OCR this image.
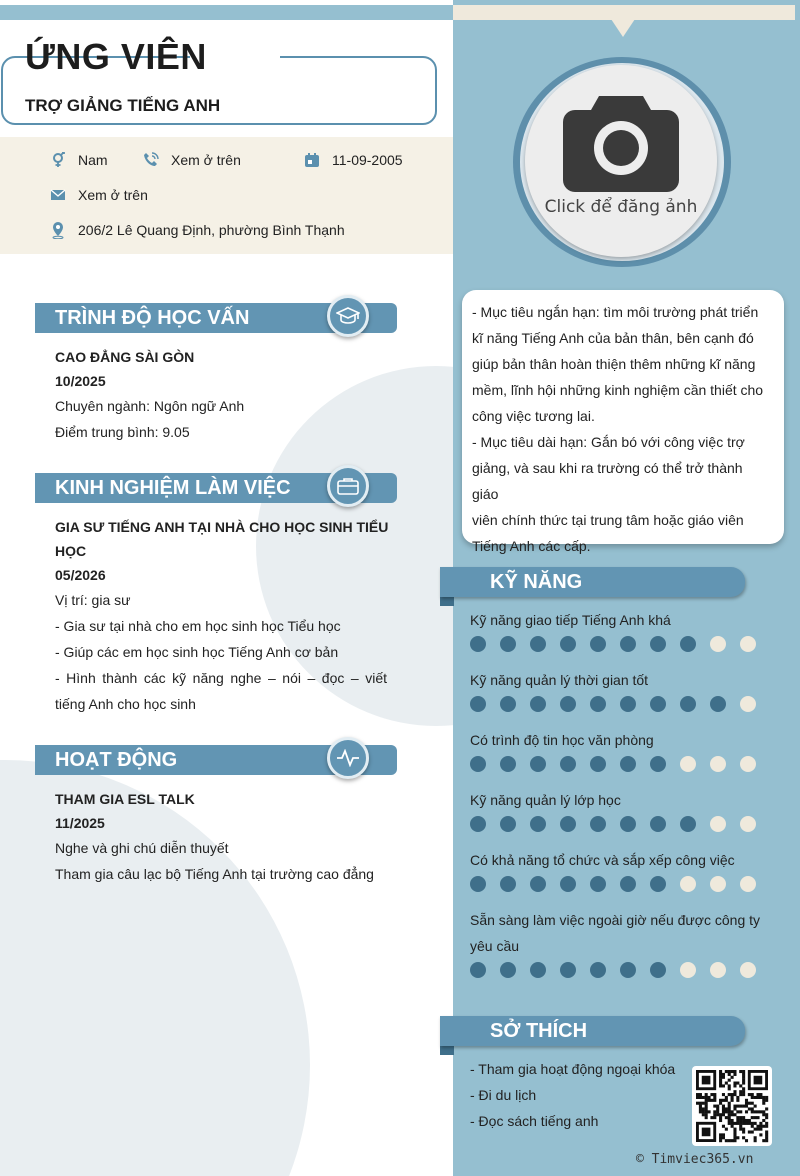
ỨNG VIÊN
TRỢ GIẢNG TIẾNG ANH
Nam	Xem ở trên	11-09-2005
Xem ở trên
206/2 Lê Quang Định, phường Bình Thạnh
TRÌNH ĐỘ HỌC VẤN
CAO ĐẲNG SÀI GÒN
10/2025
Chuyên ngành: Ngôn ngữ Anh
Điểm trung bình: 9.05
KINH NGHIỆM LÀM VIỆC
GIA SƯ TIẾNG ANH TẠI NHÀ CHO HỌC SINH TIỂU
HỌC
05/2026
Vị trí: gia sư
- Gia sư tại nhà cho em học sinh học Tiểu học
- Giúp các em học sinh học Tiếng Anh cơ bản
- Hình thành các kỹ năng nghe – nói – đọc – viết
tiếng Anh cho học sinh
HOẠT ĐỘNG
THAM GIA ESL TALK
11/2025
Nghe và ghi chú diễn thuyết
Tham gia câu lạc bộ Tiếng Anh tại trường cao đẳng
Click để đăng ảnh
- Mục tiêu ngắn hạn: tìm môi trường phát triển
kĩ năng Tiếng Anh của bản thân, bên cạnh đó
giúp bản thân hoàn thiện thêm những kĩ năng
mềm, lĩnh hội những kinh nghiệm cần thiết cho
công việc tương lai.
- Mục tiêu dài hạn: Gắn bó với công việc trợ
giảng, và sau khi ra trường có thể trở thành giáo
viên chính thức tại trung tâm hoặc giáo viên
Tiếng Anh các cấp.
KỸ NĂNG
Kỹ năng giao tiếp Tiếng Anh khá
Kỹ năng quản lý thời gian tốt
Có trình độ tin học văn phòng
Kỹ năng quản lý lớp học
Có khả năng tổ chức và sắp xếp công việc
Sẵn sàng làm việc ngoài giờ nếu được công ty
yêu cầu
SỞ THÍCH
- Tham gia hoạt động ngoại khóa
- Đi du lịch
- Đọc sách tiếng anh
© Timviec365.vn
